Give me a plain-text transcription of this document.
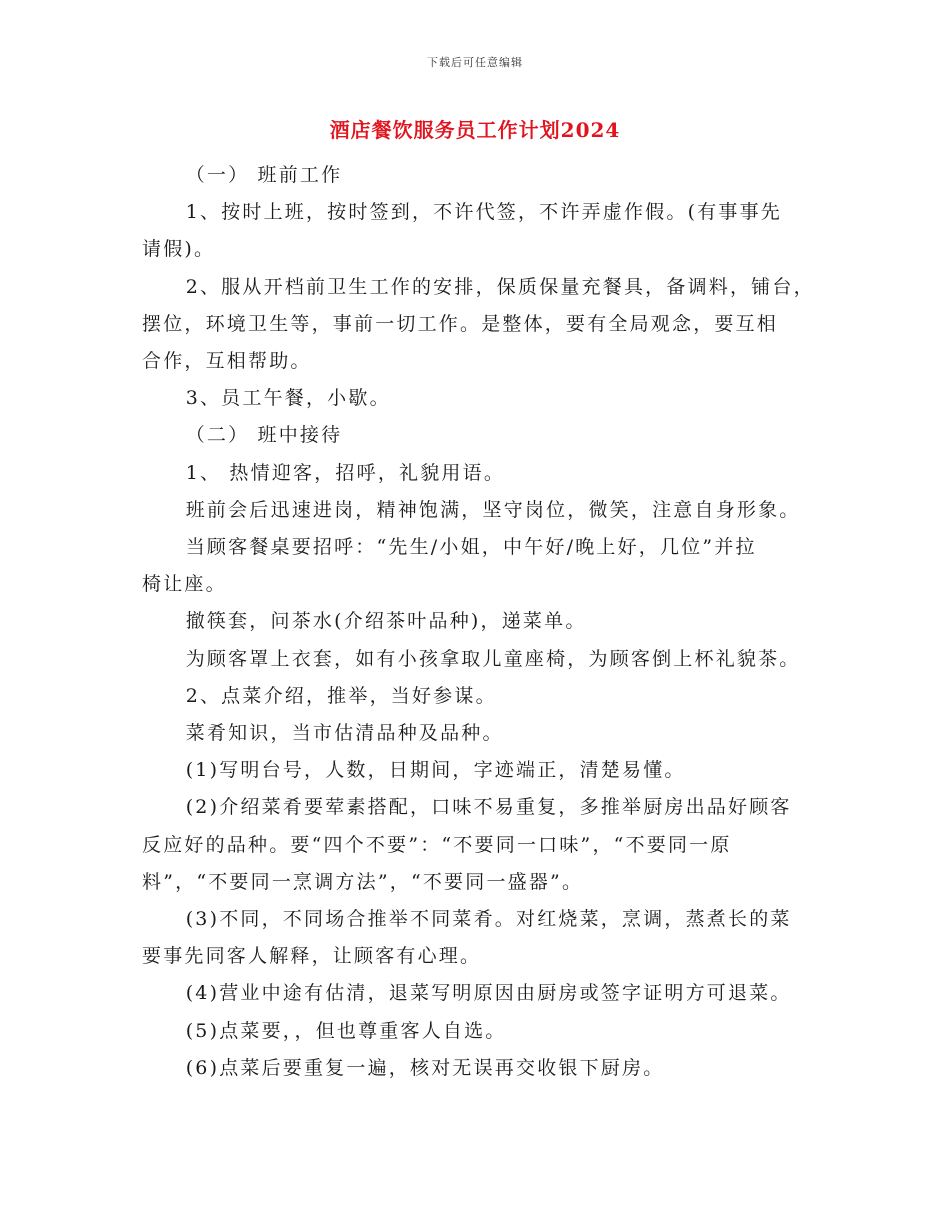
下载后可任意编辑
酒店餐饮服务员工作计划2024
（一） 班前工作
1、按时上班，按时签到，不许代签，不许弄虚作假。(有事事先
请假)。
2、服从开档前卫生工作的安排，保质保量充餐具，备调料，铺台，
摆位，环境卫生等，事前一切工作。是整体，要有全局观念，要互相
合作，互相帮助。
3、员工午餐，小歇。
（二） 班中接待
1、 热情迎客，招呼，礼貌用语。
班前会后迅速进岗，精神饱满，坚守岗位，微笑，注意自身形象。
当顾客餐桌要招呼：“先生/小姐，中午好/晚上好，几位”并拉
椅让座。
撤筷套，问茶水(介绍茶叶品种)，递菜单。
为顾客罩上衣套，如有小孩拿取儿童座椅，为顾客倒上杯礼貌茶。
2、点菜介绍，推举，当好参谋。
菜肴知识，当市估清品种及品种。
(1)写明台号，人数，日期间，字迹端正，清楚易懂。
(2)介绍菜肴要荤素搭配，口味不易重复，多推举厨房出品好顾客
反应好的品种。要“四个不要”：“不要同一口味”，“不要同一原
料”，“不要同一烹调方法”，“不要同一盛器”。
(3)不同，不同场合推举不同菜肴。对红烧菜，烹调，蒸煮长的菜
要事先同客人解释，让顾客有心理。
(4)营业中途有估清，退菜写明原因由厨房或签字证明方可退菜。
(5)点菜要，，但也尊重客人自选。
(6)点菜后要重复一遍，核对无误再交收银下厨房。
